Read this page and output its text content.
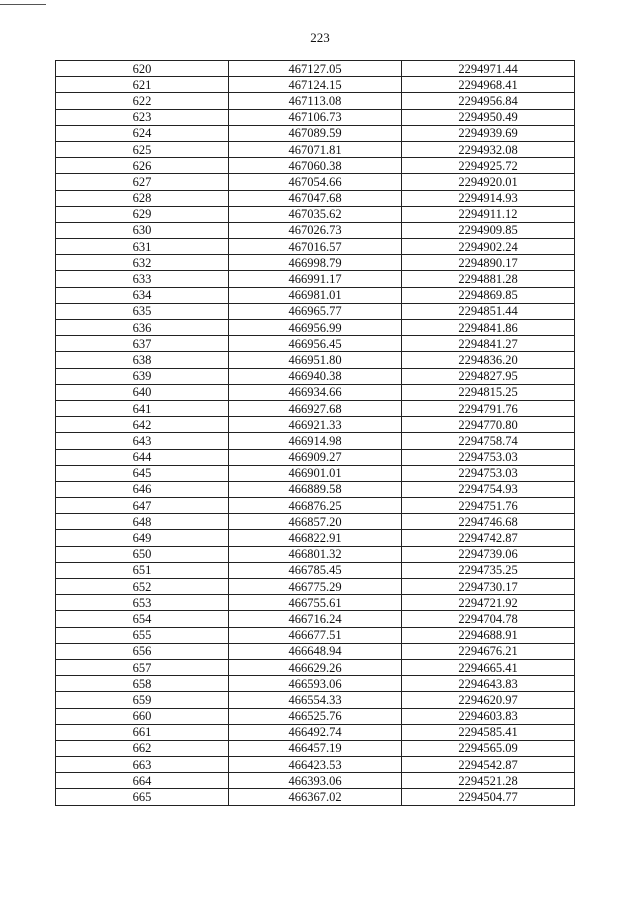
223
620	467127.05	2294971.44
621	467124.15	2294968.41
622	467113.08	2294956.84
623	467106.73	2294950.49
624	467089.59	2294939.69
625	467071.81	2294932.08
626	467060.38	2294925.72
627	467054.66	2294920.01
628	467047.68	2294914.93
629	467035.62	2294911.12
630	467026.73	2294909.85
631	467016.57	2294902.24
632	466998.79	2294890.17
633	466991.17	2294881.28
634	466981.01	2294869.85
635	466965.77	2294851.44
636	466956.99	2294841.86
637	466956.45	2294841.27
638	466951.80	2294836.20
639	466940.38	2294827.95
640	466934.66	2294815.25
641	466927.68	2294791.76
642	466921.33	2294770.80
643	466914.98	2294758.74
644	466909.27	2294753.03
645	466901.01	2294753.03
646	466889.58	2294754.93
647	466876.25	2294751.76
648	466857.20	2294746.68
649	466822.91	2294742.87
650	466801.32	2294739.06
651	466785.45	2294735.25
652	466775.29	2294730.17
653	466755.61	2294721.92
654	466716.24	2294704.78
655	466677.51	2294688.91
656	466648.94	2294676.21
657	466629.26	2294665.41
658	466593.06	2294643.83
659	466554.33	2294620.97
660	466525.76	2294603.83
661	466492.74	2294585.41
662	466457.19	2294565.09
663	466423.53	2294542.87
664	466393.06	2294521.28
665	466367.02	2294504.77
